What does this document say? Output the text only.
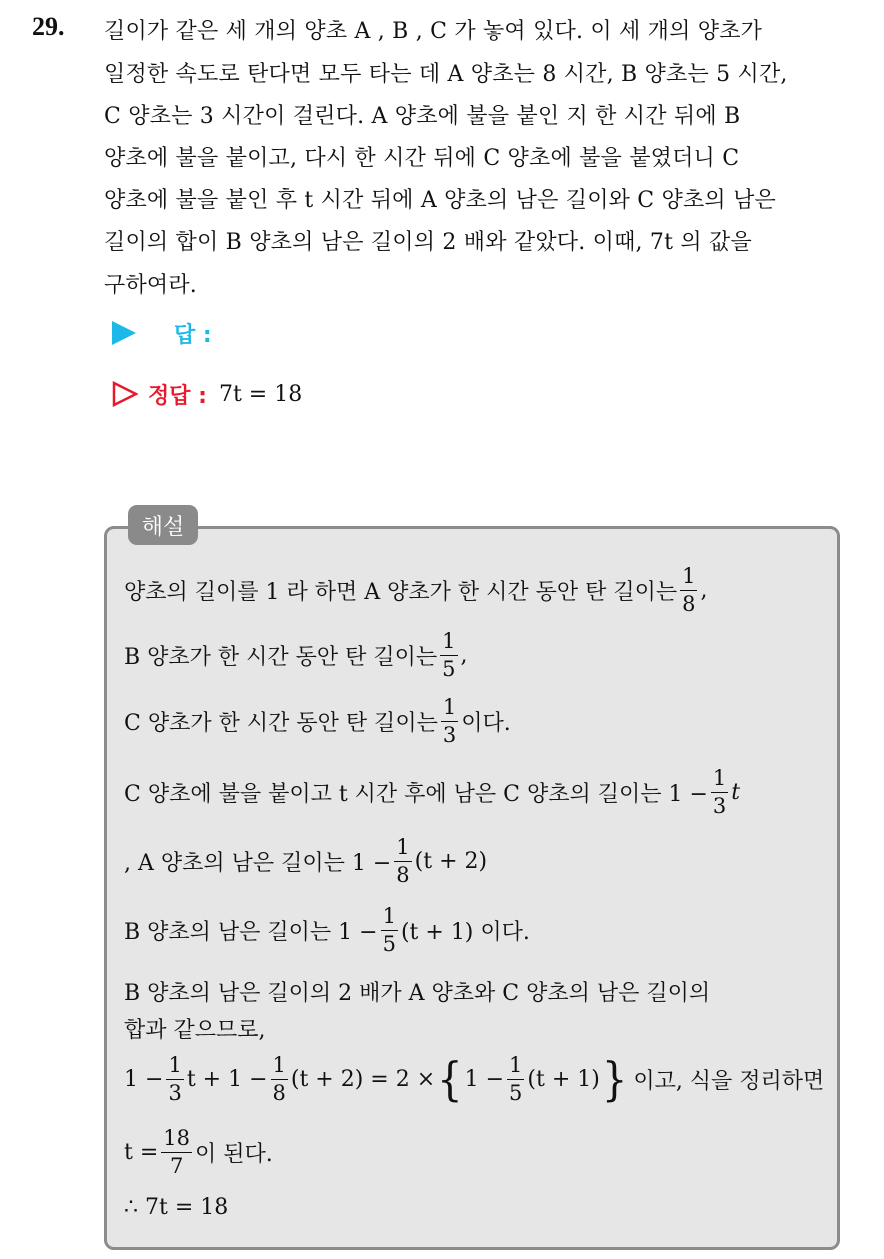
29. 길이가 같은 세 개의 양초 A , B , C 가 놓여 있다. 이 세 개의 양초가
일정한 속도로 탄다면 모두 타는 데 A 양초는 8 시간, B 양초는 5 시간,
C 양초는 3 시간이 걸린다. A 양초에 불을 붙인 지 한 시간 뒤에 B
양초에 불을 붙이고, 다시 한 시간 뒤에 C 양초에 불을 붙였더니 C
양초에 불을 붙인 후 t 시간 뒤에 A 양초의 남은 길이와 C 양초의 남은
길이의 합이 B 양초의 남은 길이의 2 배와 같았다. 이때, 7t 의 값을
구하여라.
답 :
정답 : 7t = 18
해설
양초의 길이를 1 라 하면 A 양초가 한 시간 동안 탄 길이는 $\frac{1}{8}$ ,
B 양초가 한 시간 동안 탄 길이는 $\frac{1}{5}$ ,
C 양초가 한 시간 동안 탄 길이는 $\frac{1}{3}$ 이다.
C 양초에 불을 붙이고 t 시간 후에 남은 C 양초의 길이는 $1 - \frac{1}{3}$ t
, A 양초의 남은 길이는 $1 - \frac{1}{8} (t + 2)$
B 양초의 남은 길이는 $1 - \frac{1}{5} (t + 1)$ 이다.
B 양초의 남은 길이의 2 배가 A 양초와 C 양초의 남은 길이의
합과 같으므로,
$1 - \frac{1}{3}$ $t + 1 - \frac{1}{8} (t + 2) = 2$ × { $1 - \frac{1}{5} (t + 1)$ } 이고, 식을 정리하면
$t = \frac{18}{7}$ 이 된다.
∴ 7t = 18
